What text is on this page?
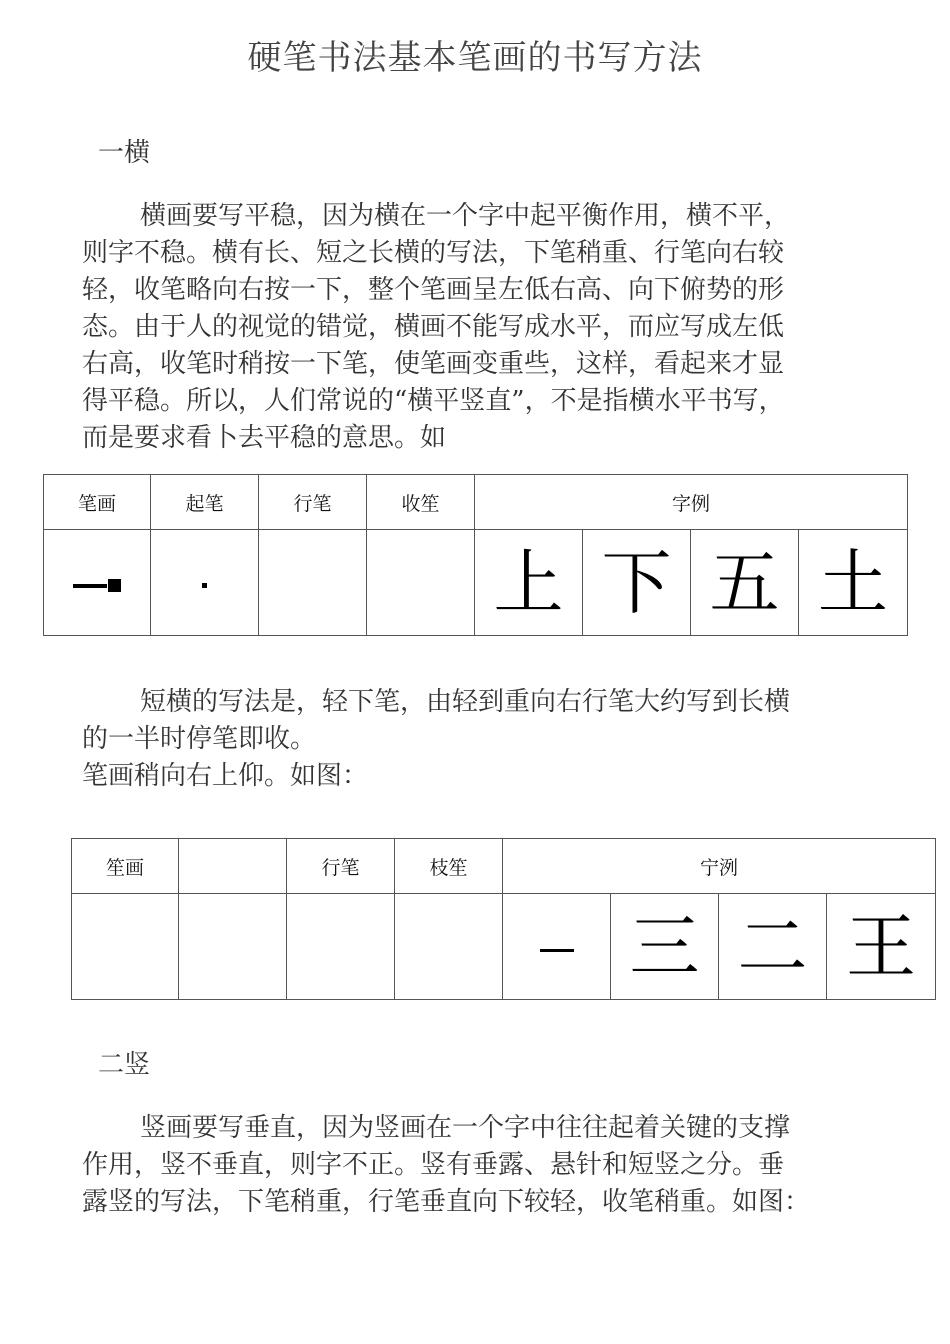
硬笔书法基本笔画的书写方法
一横
横画要写平稳，因为横在一个字中起平衡作用，横不平，
则字不稳。横有长、短之长横的写法，下笔稍重、行笔向右较
轻，收笔略向右按一下，整个笔画呈左低右高、向下俯势的形
态。由于人的视觉的错觉，横画不能写成水平，而应写成左低
右高，收笔时稍按一下笔，使笔画变重些，这样，看起来才显
得平稳。所以，人们常说的“横平竖直”，不是指横水平书写，
而是要求看卜去平稳的意思。如
笔画	起笔	行笔	收笙	字例			

				上	下	五	土
短横的写法是，轻下笔，由轻到重向右行笔大约写到长横
的一半时停笔即收。
笔画稍向右上仰。如图：
笙画		行笔	枝笙	宁洌			
					三	二	王
二竖
竖画要写垂直，因为竖画在一个字中往往起着关键的支撑
作用，竖不垂直，则字不正。竖有垂露、悬针和短竖之分。垂
露竖的写法，下笔稍重，行笔垂直向下较轻，收笔稍重。如图：
